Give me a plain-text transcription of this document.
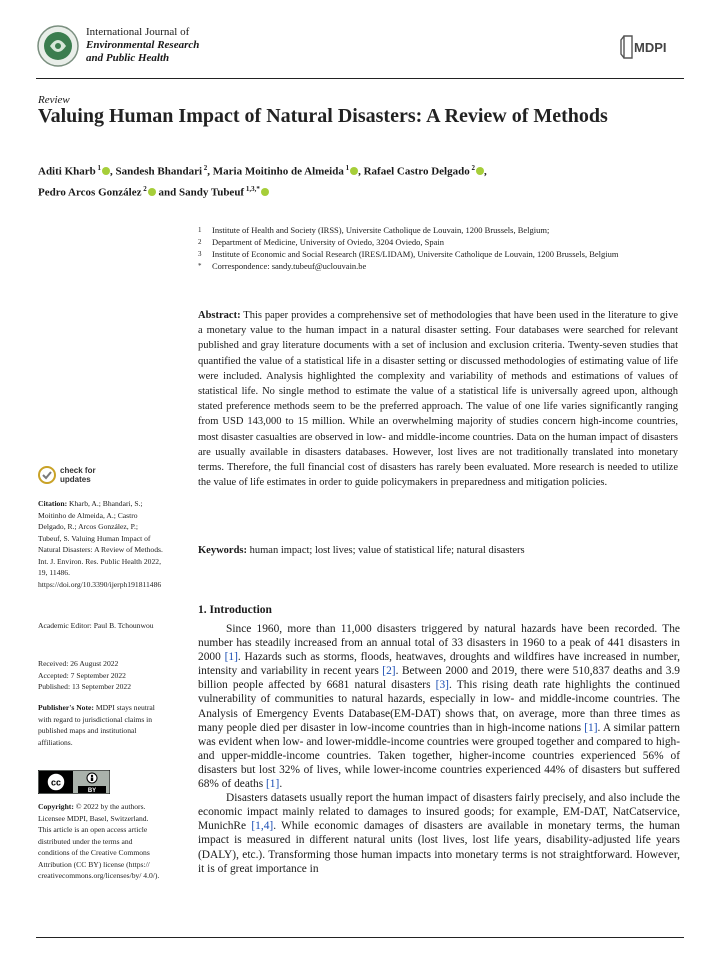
International Journal of
Environmental Research
and Public Health
MDPI
Review
Valuing Human Impact of Natural Disasters: A Review of Methods
Aditi Kharb $^1$ , Sandesh Bhandari $^2$, Maria Moitinho de Almeida $^1$ , Rafael Castro Delgado $^2$ ,
Pedro Arcos González $^2$ and Sandy Tubeuf $^{1,3,*}$
1	Institute of Health and Society (IRSS), Universite Catholique de Louvain, 1200 Brussels, Belgium;
2	Department of Medicine, University of Oviedo, 3204 Oviedo, Spain
3	Institute of Economic and Social Research (IRES/LIDAM), Universite Catholique de Louvain, 1200 Brussels, Belgium
*	Correspondence: sandy.tubeuf@uclouvain.be
Abstract: This paper provides a comprehensive set of methodologies that have been used in the literature to give a monetary value to the human impact in a natural disaster setting. Four databases were searched for relevant published and gray literature documents with a set of inclusion and exclusion criteria. Twenty-seven studies that quantified the value of a statistical life in a disaster setting or discussed methodologies of estimating value of life were included. Analysis highlighted the complexity and variability of methods and estimations of values of statistical life. No single method to estimate the value of a statistical life is universally agreed upon, although stated preference methods seem to be the preferred approach. The value of one life varies significantly ranging from USD 143,000 to 15 million. While an overwhelming majority of studies concern high-income countries, most disaster casualties are observed in low- and middle-income countries. Data on the human impact of disasters are usually available in disasters databases. However, lost lives are not traditionally translated into monetary terms. Therefore, the full financial cost of disasters has rarely been evaluated. More research is needed to utilize the value of life estimates in order to guide policymakers in preparedness and mitigation policies.
Keywords: human impact; lost lives; value of statistical life; natural disasters
1. Introduction

Since 1960, more than 11,000 disasters triggered by natural hazards have been recorded. The number has steadily increased from an annual total of 33 disasters in 1960 to a peak of 441 disasters in 2000 [1]. Hazards such as storms, floods, heatwaves, droughts and wildfires have increased in number, intensity and variability in recent years [2]. Between 2000 and 2019, there were 510,837 deaths and 3.9 billion people affected by 6681 natural disasters [3]. This rising death rate highlights the continued vulnerability of communities to natural hazards, especially in low- and middle-income countries. The Analysis of Emergency Events Database(EM-DAT) shows that, on average, more than three times as many people died per disaster in low-income countries than in high-income nations [1]. A similar pattern was evident when low- and lower-middle-income countries were grouped together and compared to high- and upper-middle-income countries. Taken together, higher-income countries experienced 56% of disasters but lost 32% of lives, while lower-income countries experienced 44% of disasters but suffered 68% of deaths [1].

Disasters datasets usually report the human impact of disasters fairly precisely, and also include the economic impact mainly related to damages to insured goods; for example, EM-DAT, NatCatservice, MunichRe [1,4]. While economic damages of disasters are available in monetary terms, the human impact is measured in different natural units (lost lives, lost life years, disability-adjusted life years (DALY), etc.). Transforming those human impacts into monetary terms is not straightforward. However, it is of great importance in

check for
updates
Citation: Kharb, A.; Bhandari, S.; Moitinho de Almeida, A.; Castro Delgado, R.; Arcos González, P.; Tubeuf, S. Valuing Human Impact of Natural Disasters: A Review of Methods. Int. J. Environ. Res. Public Health 2022, 19, 11486. https://doi.org/10.3390/ijerph191811486
Academic Editor: Paul B. Tchounwou
Received: 26 August 2022
Accepted: 7 September 2022
Published: 13 September 2022
Publisher's Note: MDPI stays neutral with regard to jurisdictional claims in published maps and institutional affiliations.
cc
BY
Copyright: © 2022 by the authors. Licensee MDPI, Basel, Switzerland. This article is an open access article distributed under the terms and conditions of the Creative Commons Attribution (CC BY) license (https:// creativecommons.org/licenses/by/ 4.0/).
